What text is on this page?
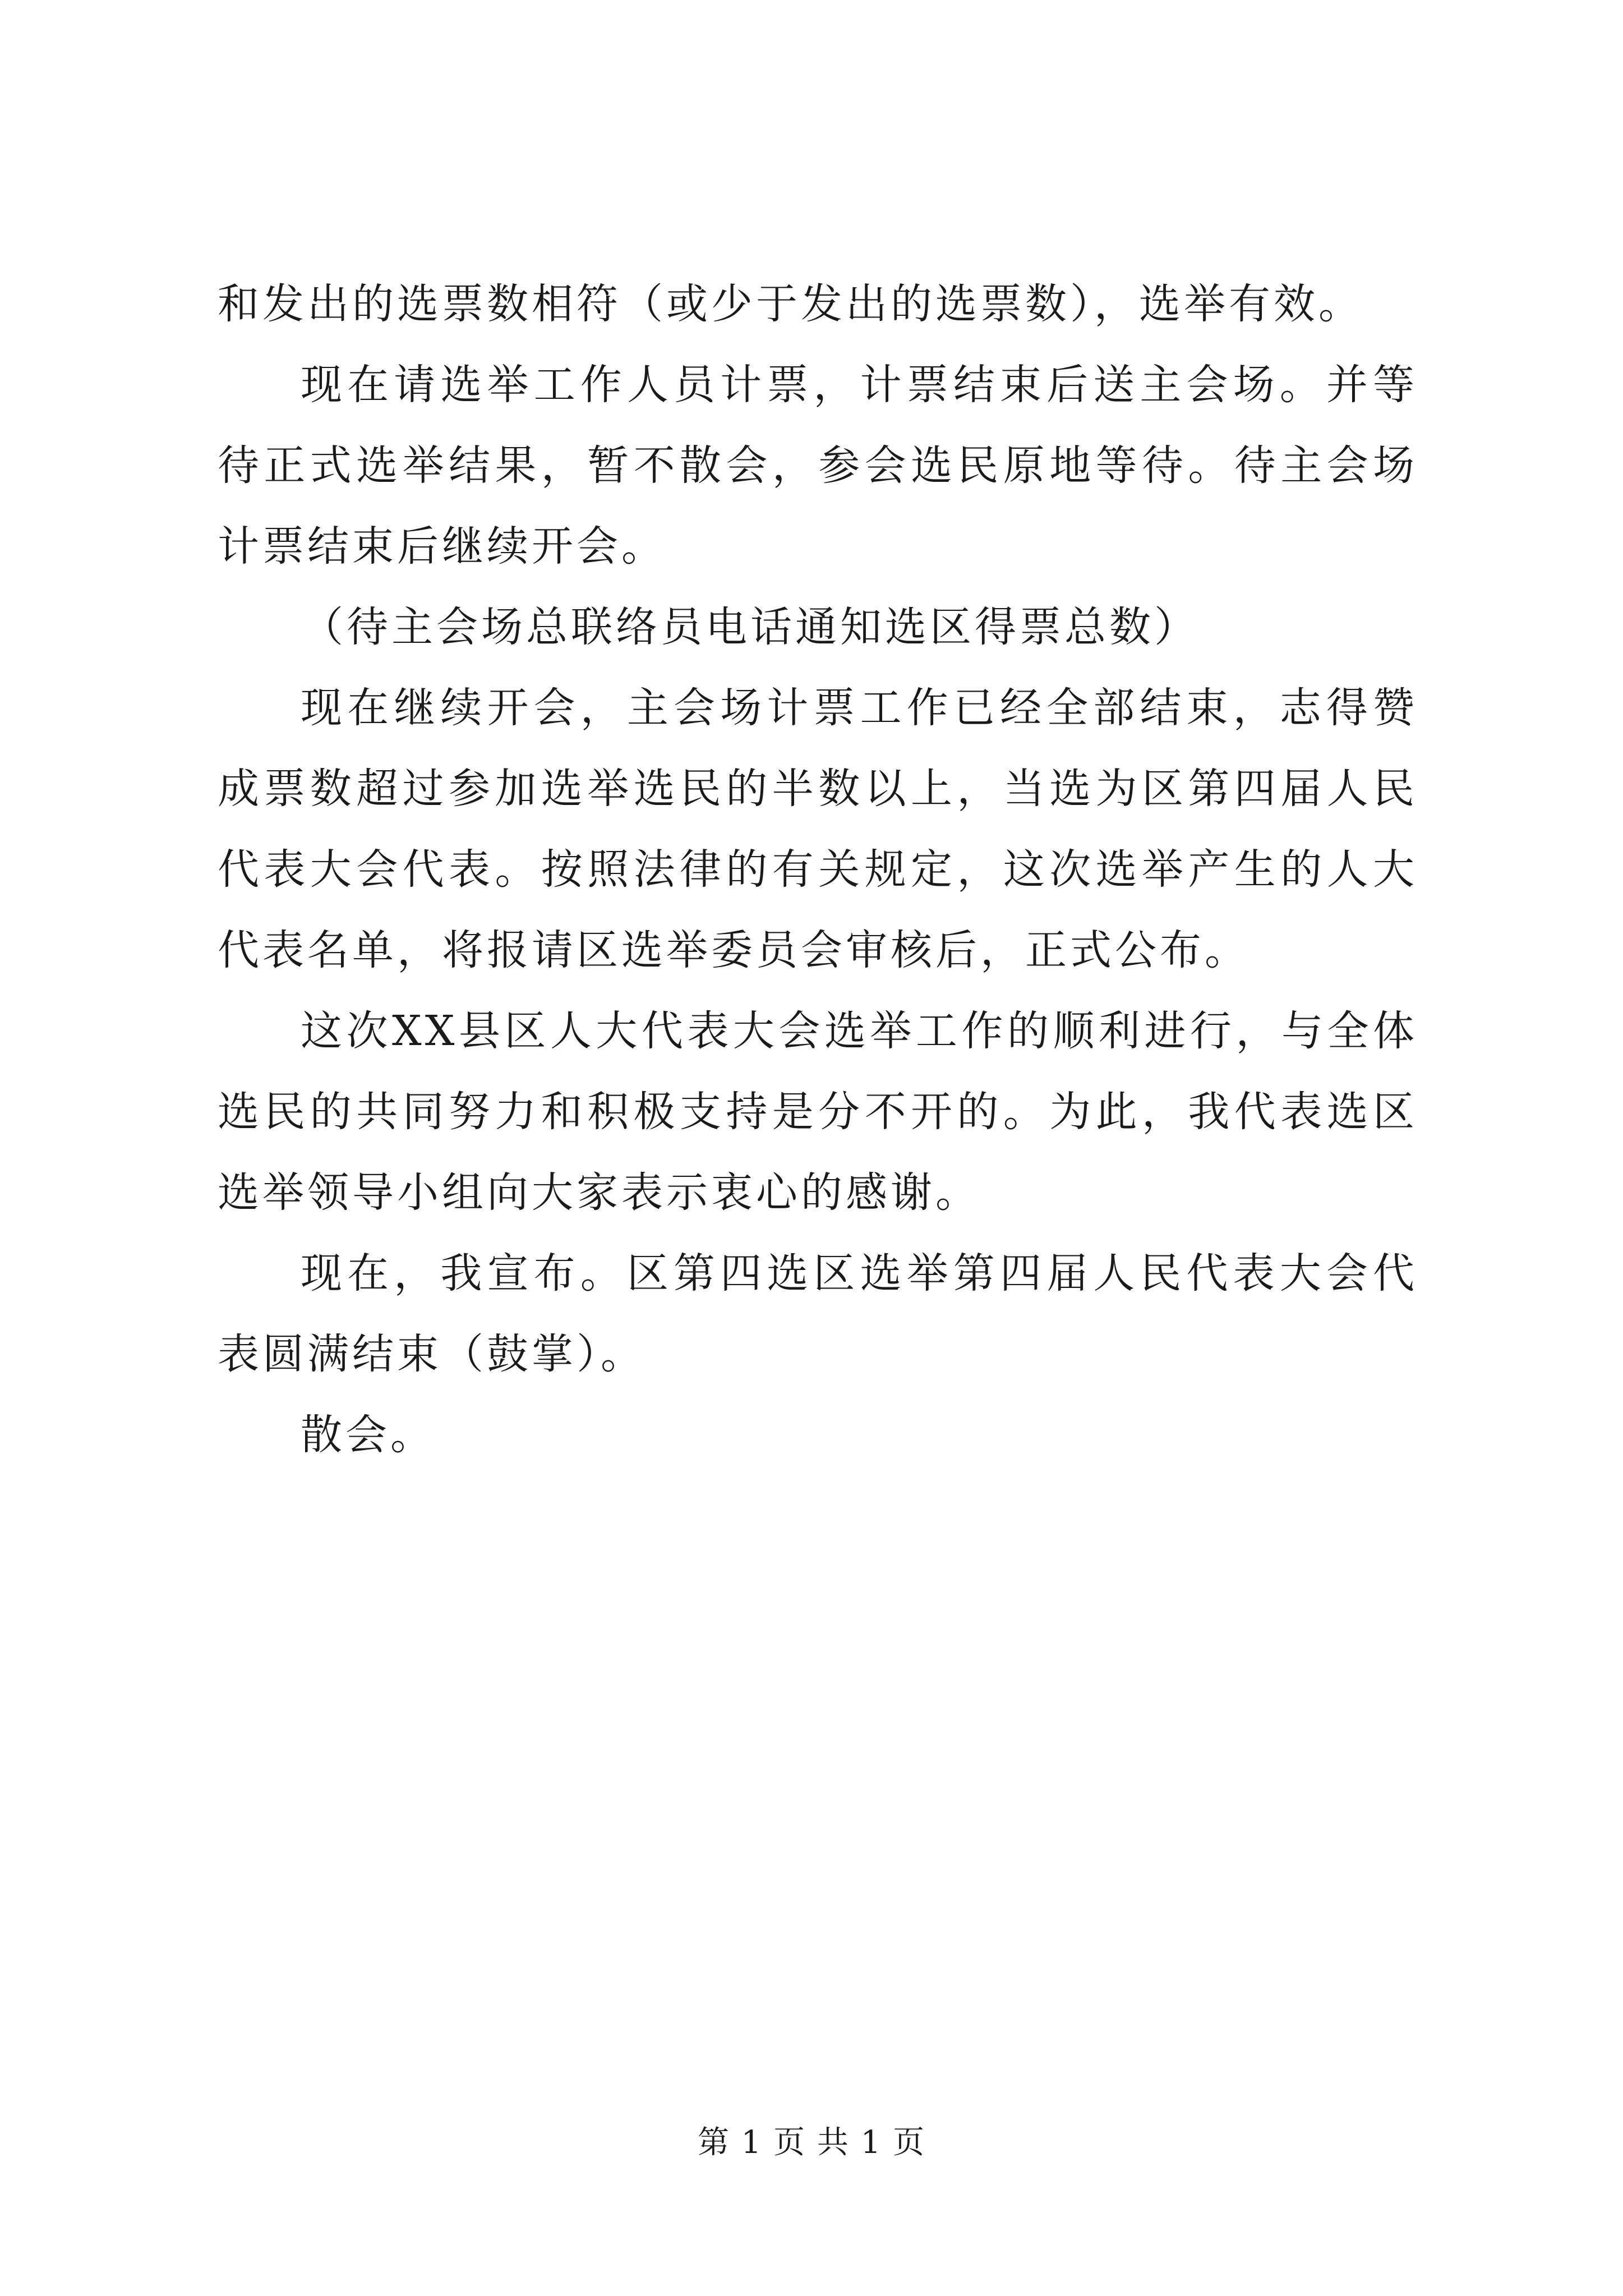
和发出的选票数相符（或少于发出的选票数），选举有效。

现在请选举工作人员计票，计票结束后送主会场。并等待正式选举结果，暂不散会，参会选民原地等待。待主会场计票结束后继续开会。

（待主会场总联络员电话通知选区得票总数）

现在继续开会，主会场计票工作已经全部结束，志得赞成票数超过参加选举选民的半数以上，当选为区第四届人民代表大会代表。按照法律的有关规定，这次选举产生的人大代表名单，将报请区选举委员会审核后，正式公布。

这次XX县区人大代表大会选举工作的顺利进行，与全体选民的共同努力和积极支持是分不开的。为此，我代表选区选举领导小组向大家表示衷心的感谢。

现在，我宣布。区第四选区选举第四届人民代表大会代表圆满结束（鼓掌）。

散会。

第 1 页 共 1 页
